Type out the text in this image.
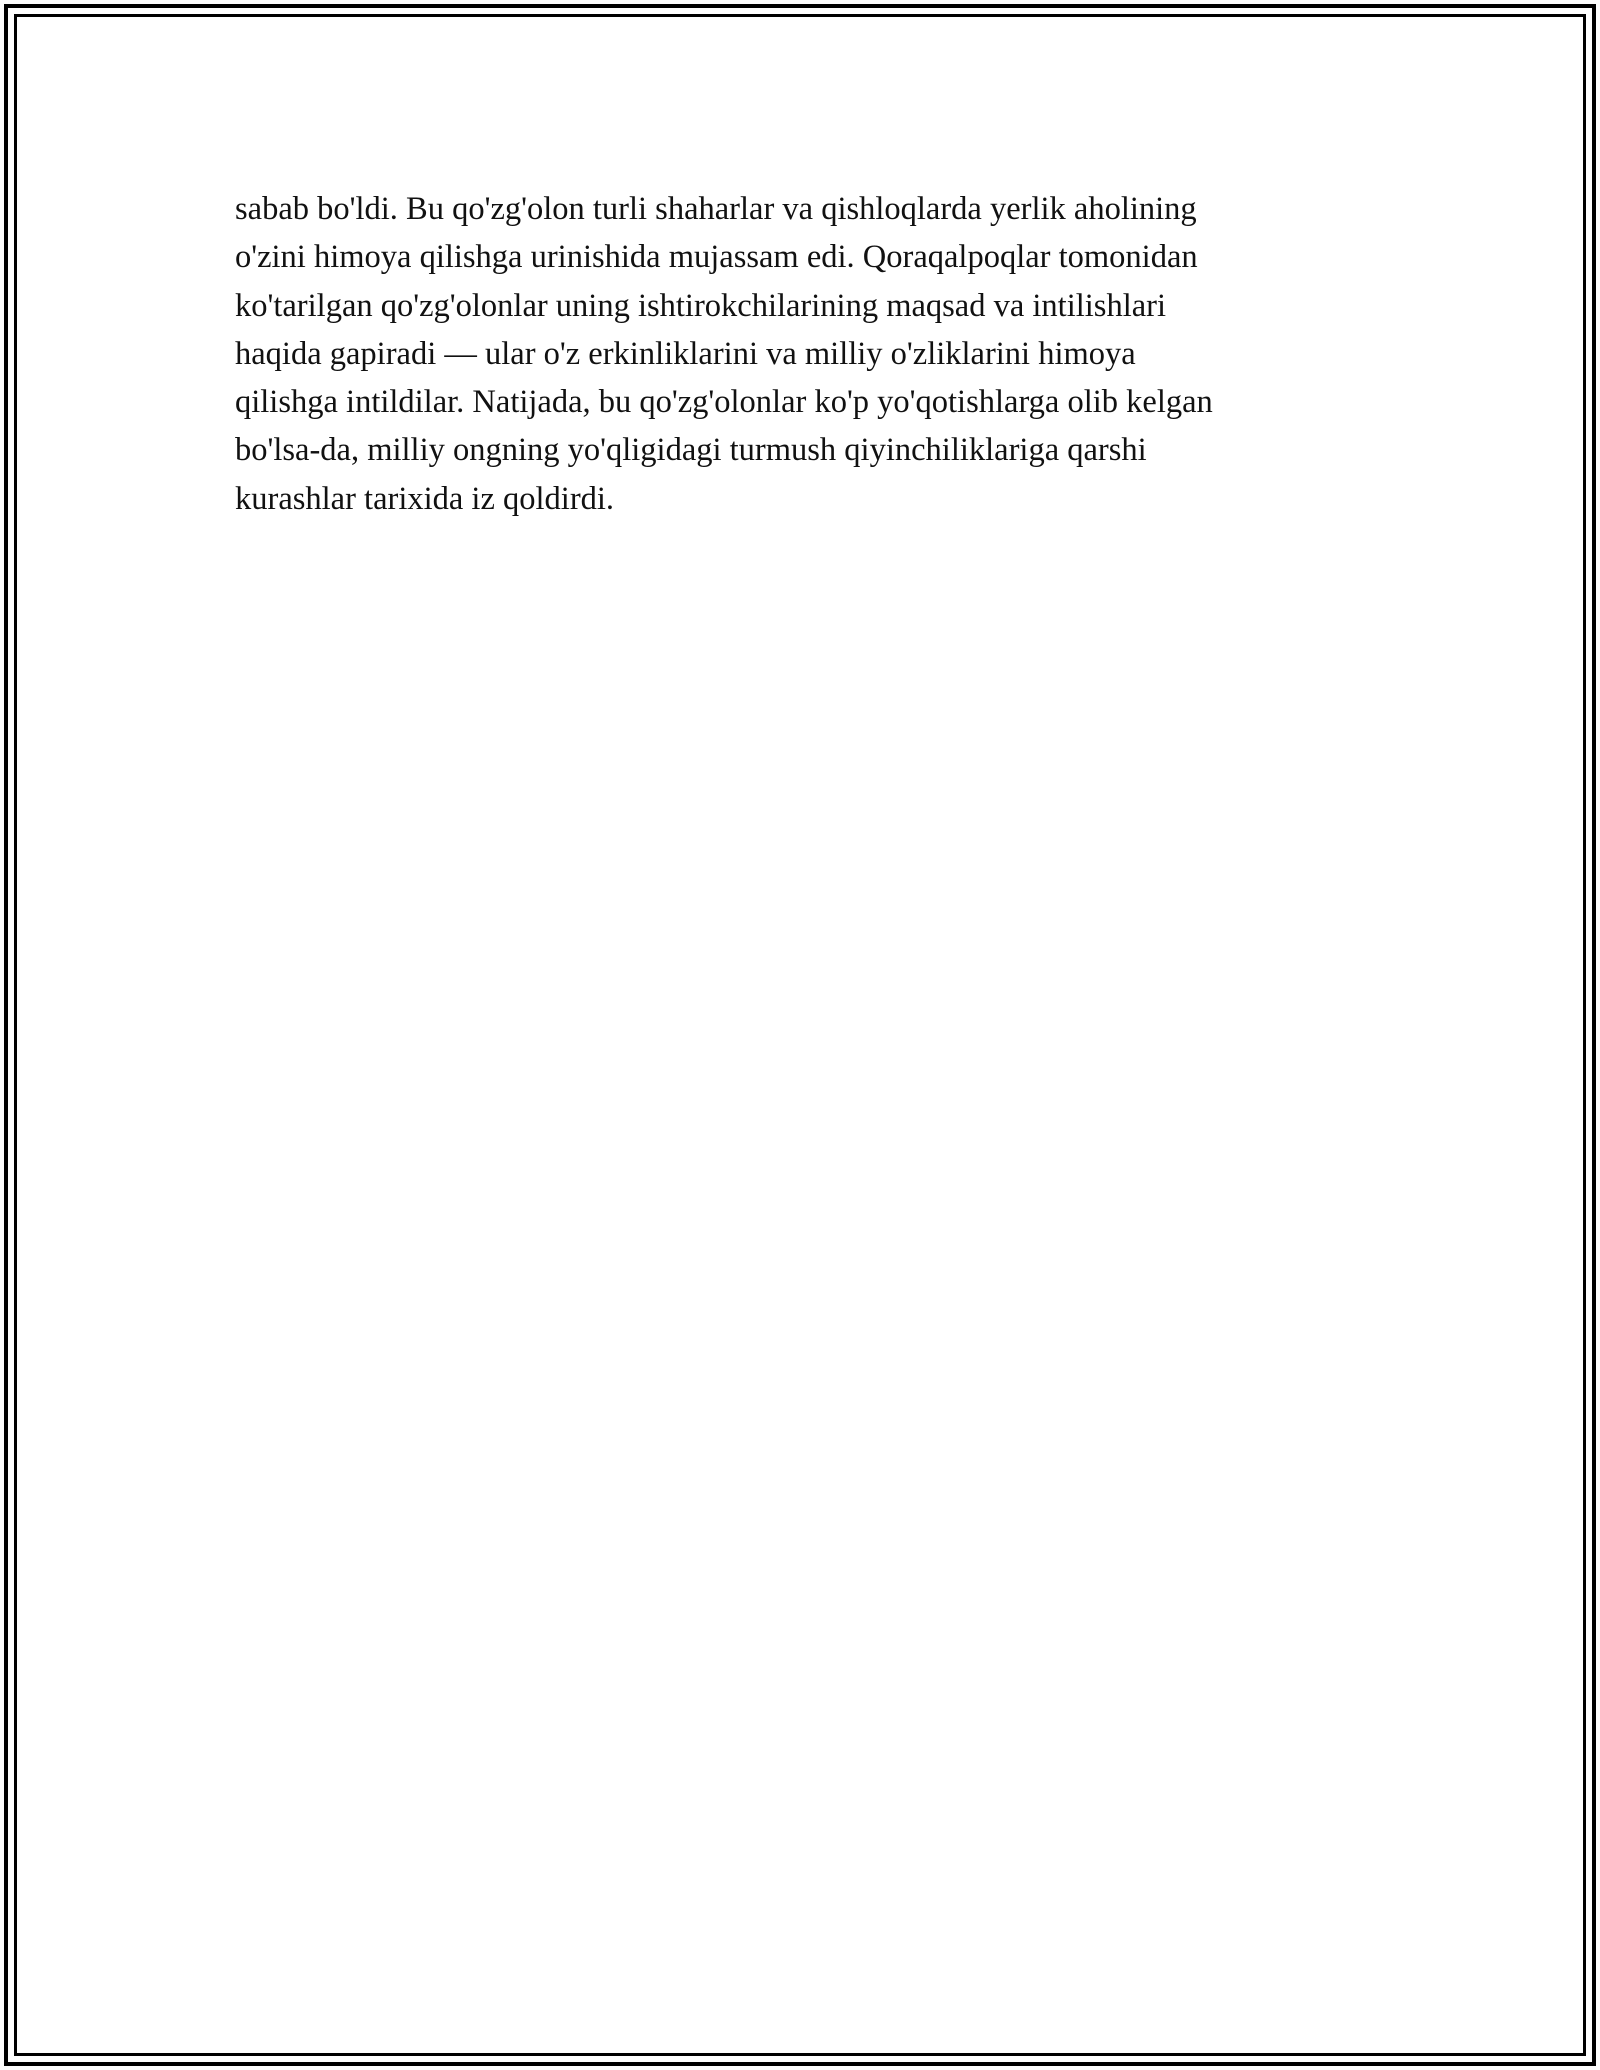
sabab bo'ldi. Bu qo'zg'olon turli shaharlar va qishloqlarda yerlik aholining
o'zini himoya qilishga urinishida mujassam edi. Qoraqalpoqlar tomonidan
ko'tarilgan qo'zg'olonlar uning ishtirokchilarining maqsad va intilishlari
haqida gapiradi — ular o'z erkinliklarini va milliy o'zliklarini himoya
qilishga intildilar. Natijada, bu qo'zg'olonlar ko'p yo'qotishlarga olib kelgan
bo'lsa-da, milliy ongning yo'qligidagi turmush qiyinchiliklariga qarshi
kurashlar tarixida iz qoldirdi.
